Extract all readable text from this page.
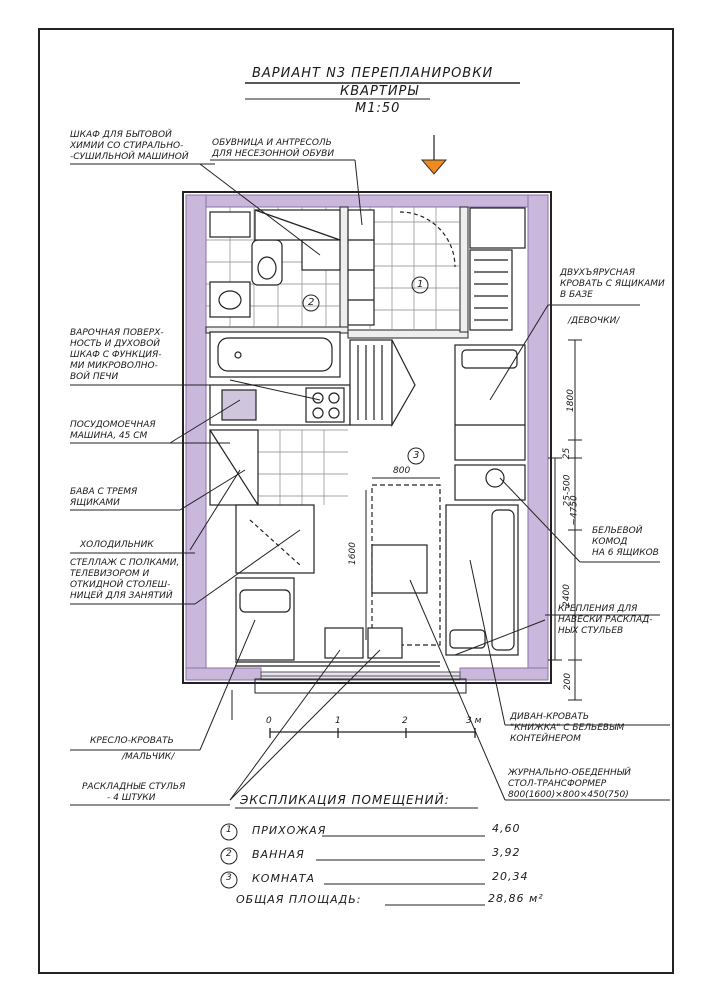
ВАРИАНТ N3 ПЕРЕПЛАНИРОВКИ
КВАРТИРЫ
М1:50
1
2
3
ШКАФ ДЛЯ БЫТОВОЙ
ХИМИИ СО СТИРАЛЬНО-
-СУШИЛЬНОЙ МАШИНОЙ
ОБУВНИЦА И АНТРЕСОЛЬ
ДЛЯ НЕСЕЗОННОЙ ОБУВИ
ДВУХЪЯРУСНАЯ
КРОВАТЬ С ЯЩИКАМИ
В БАЗЕ
/ДЕВОЧКИ/
ВАРОЧНАЯ ПОВЕРХ-
НОСТЬ И ДУХОВОЙ
ШКАФ С ФУНКЦИЯ-
МИ МИКРОВОЛНО-
ВОЙ ПЕЧИ
ПОСУДОМОЕЧНАЯ
МАШИНА, 45 СМ
БАВА С ТРЕМЯ
ЯЩИКАМИ
ХОЛОДИЛЬНИК
СТЕЛЛАЖ С ПОЛКАМИ,
ТЕЛЕВИЗОРОМ И
ОТКИДНОЙ СТОЛЕШ-
НИЦЕЙ ДЛЯ ЗАНЯТИЙ
БЕЛЬЕВОЙ
КОМОД
НА 6 ЯЩИКОВ
КРЕПЛЕНИЯ ДЛЯ
НАВЕСКИ РАСКЛАД-
НЫХ СТУЛЬЕВ
ДИВАН-КРОВАТЬ
"КНИЖКА" С БЕЛЬЕВЫМ
КОНТЕЙНЕРОМ
ЖУРНАЛЬНО-ОБЕДЕННЫЙ
СТОЛ-ТРАНСФОРМЕР
800(1600)×800×450(750)
КРЕСЛО-КРОВАТЬ
/МАЛЬЧИК/
РАСКЛАДНЫЕ СТУЛЬЯ
- 4 ШТУКИ
1800
25
25-500
~4750
2400
200
800
1600
0	1	2	3 м
ЭКСПЛИКАЦИЯ ПОМЕЩЕНИЙ:
1 ПРИХОЖАЯ	4,60
2 ВАННАЯ	3,92
3 КОМНАТА	20,34
ОБЩАЯ ПЛОЩАДЬ:	28,86 м²
